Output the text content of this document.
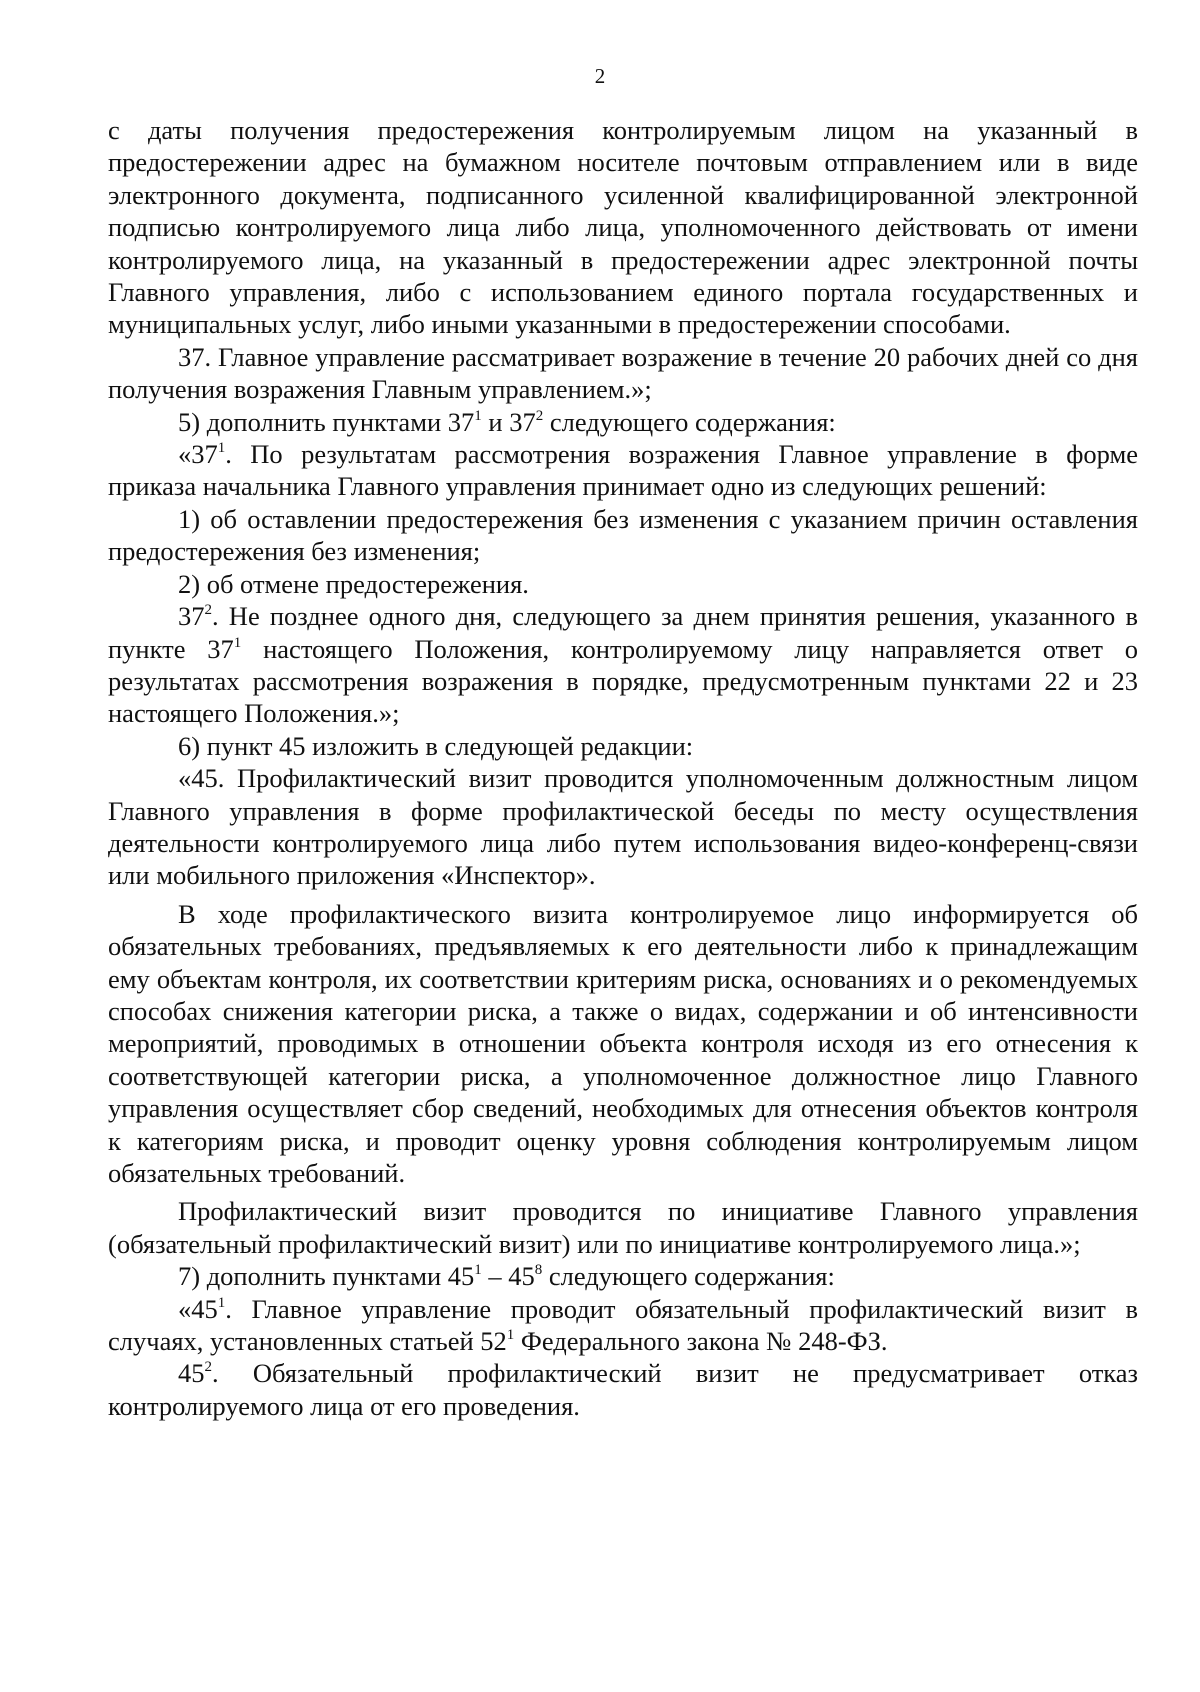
2

с даты получения предостережения контролируемым лицом на указанный в предостережении адрес на бумажном носителе почтовым отправлением или в виде электронного документа, подписанного усиленной квалифицированной электронной подписью контролируемого лица либо лица, уполномоченного действовать от имени контролируемого лица, на указанный в предостережении адрес электронной почты Главного управления, либо с использованием единого портала государственных и муниципальных услуг, либо иными указанными в предостережении способами.

37. Главное управление рассматривает возражение в течение 20 рабочих дней со дня получения возражения Главным управлением.»;

5) дополнить пунктами $37^1$ и $37^2$ следующего содержания:

«$37^1$. По результатам рассмотрения возражения Главное управление в форме приказа начальника Главного управления принимает одно из следующих решений:

1) об оставлении предостережения без изменения с указанием причин оставления предостережения без изменения;

2) об отмене предостережения.

$37^2$. Не позднее одного дня, следующего за днем принятия решения, указанного в пункте $37^1$ настоящего Положения, контролируемому лицу направляется ответ о результатах рассмотрения возражения в порядке, предусмотренным пунктами 22 и 23 настоящего Положения.»;

6) пункт 45 изложить в следующей редакции:

«45. Профилактический визит проводится уполномоченным должностным лицом Главного управления в форме профилактической беседы по месту осуществления деятельности контролируемого лица либо путем использования видео-конференц-связи или мобильного приложения «Инспектор».

В ходе профилактического визита контролируемое лицо информируется об обязательных требованиях, предъявляемых к его деятельности либо к принадлежащим ему объектам контроля, их соответствии критериям риска, основаниях и о рекомендуемых способах снижения категории риска, а также о видах, содержании и об интенсивности мероприятий, проводимых в отношении объекта контроля исходя из его отнесения к соответствующей категории риска, а уполномоченное должностное лицо Главного управления осуществляет сбор сведений, необходимых для отнесения объектов контроля к категориям риска, и проводит оценку уровня соблюдения контролируемым лицом обязательных требований.

Профилактический визит проводится по инициативе Главного управления (обязательный профилактический визит) или по инициативе контролируемого лица.»;

7) дополнить пунктами $45^1 - 45^8$ следующего содержания:

«$45^1$. Главное управление проводит обязательный профилактический визит в случаях, установленных статьей $52^1$ Федерального закона № 248-ФЗ.

$45^2$. Обязательный профилактический визит не предусматривает отказ контролируемого лица от его проведения.
